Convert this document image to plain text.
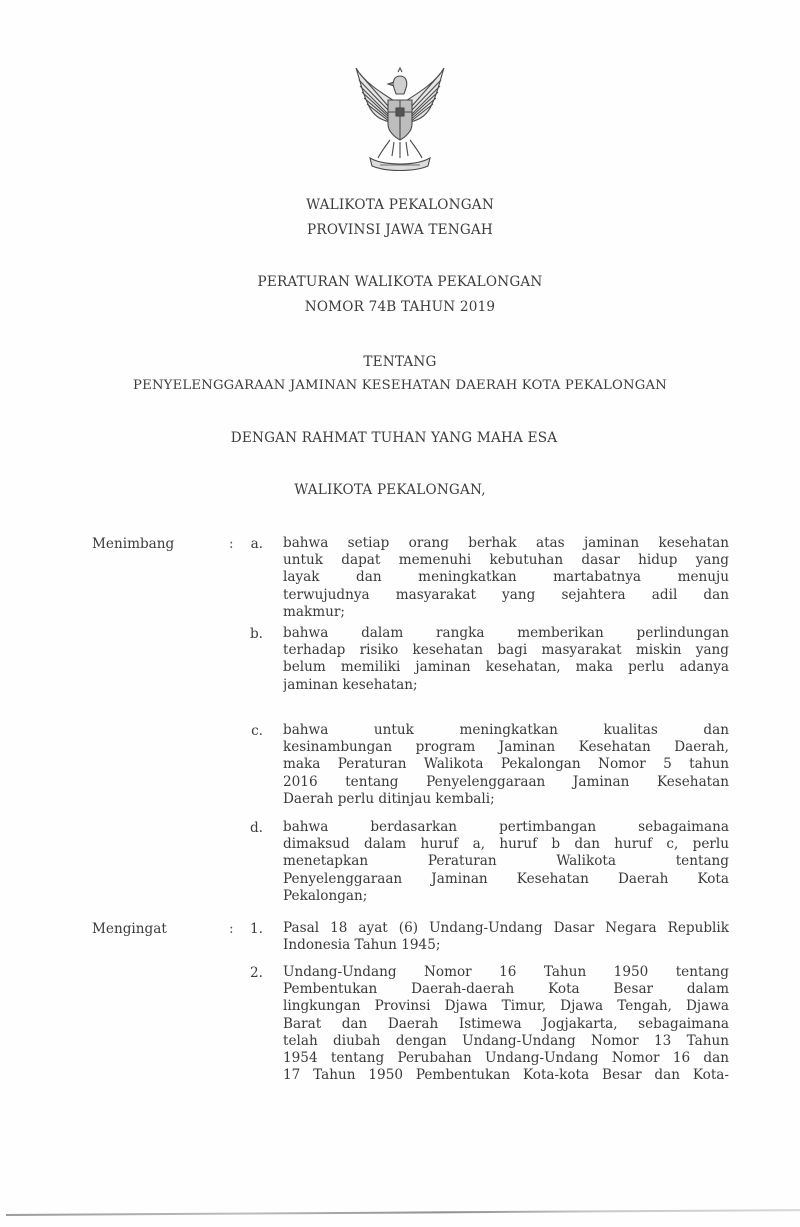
WALIKOTA PEKALONGAN
PROVINSI JAWA TENGAH
PERATURAN WALIKOTA PEKALONGAN
NOMOR 74B TAHUN 2019
TENTANG
PENYELENGGARAAN JAMINAN KESEHATAN DAERAH KOTA PEKALONGAN
DENGAN RAHMAT TUHAN YANG MAHA ESA
WALIKOTA PEKALONGAN,
Menimbang	:	a. bahwa setiap orang berhak atas jaminan kesehatan
untuk dapat memenuhi kebutuhan dasar hidup yang
layak dan meningkatkan martabatnya menuju
terwujudnya masyarakat yang sejahtera adil dan
makmur;
b. bahwa dalam rangka memberikan perlindungan
terhadap risiko kesehatan bagi masyarakat miskin yang
belum memiliki jaminan kesehatan, maka perlu adanya
jaminan kesehatan;
c. bahwa untuk meningkatkan kualitas dan
kesinambungan program Jaminan Kesehatan Daerah,
maka Peraturan Walikota Pekalongan Nomor 5 tahun
2016 tentang Penyelenggaraan Jaminan Kesehatan
Daerah perlu ditinjau kembali;
d. bahwa berdasarkan pertimbangan sebagaimana
dimaksud dalam huruf a, huruf b dan huruf c, perlu
menetapkan Peraturan Walikota tentang
Penyelenggaraan Jaminan Kesehatan Daerah Kota
Pekalongan;
Mengingat	:	1. Pasal 18 ayat (6) Undang-Undang Dasar Negara Republik
Indonesia Tahun 1945;
2. Undang-Undang Nomor 16 Tahun 1950 tentang
Pembentukan Daerah-daerah Kota Besar dalam
lingkungan Provinsi Djawa Timur, Djawa Tengah, Djawa
Barat dan Daerah Istimewa Jogjakarta, sebagaimana
telah diubah dengan Undang-Undang Nomor 13 Tahun
1954 tentang Perubahan Undang-Undang Nomor 16 dan
17 Tahun 1950 Pembentukan Kota-kota Besar dan Kota-
